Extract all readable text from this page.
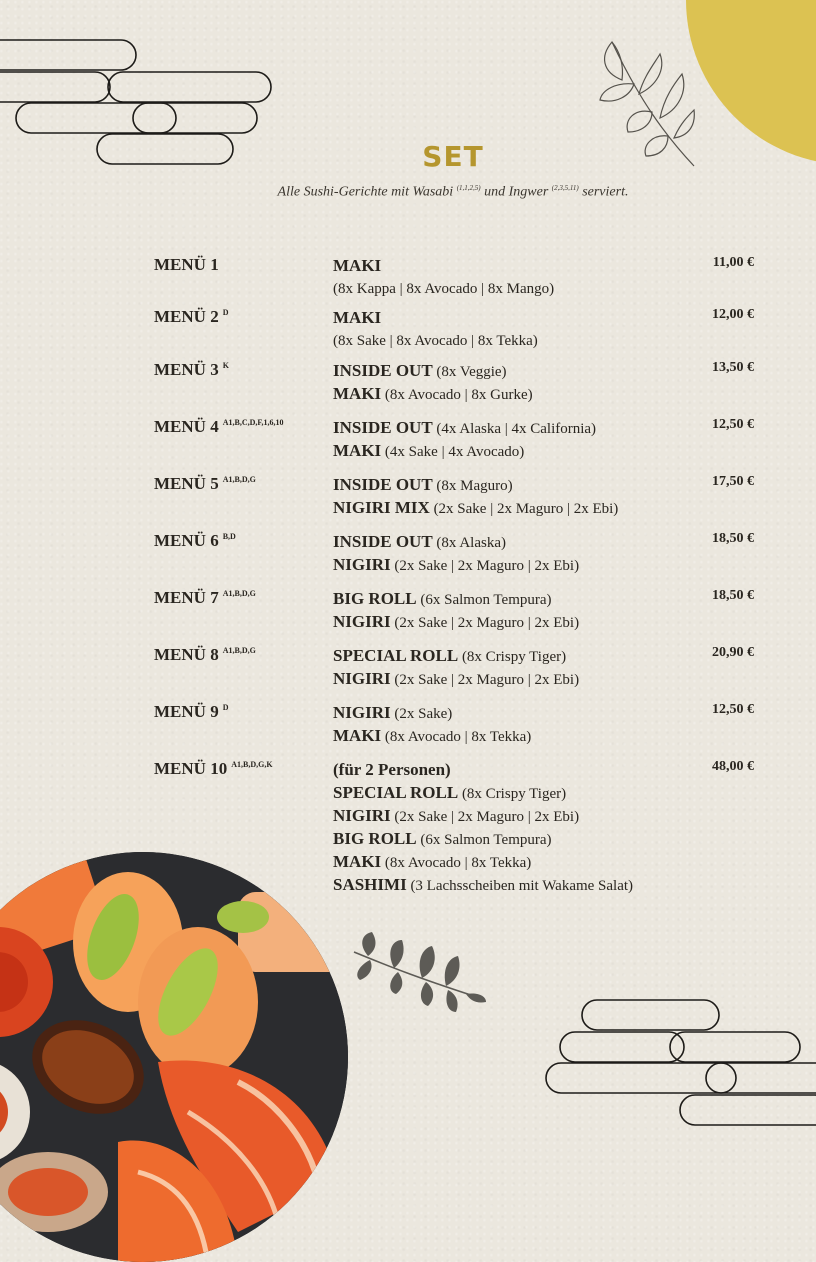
SET
Alle Sushi-Gerichte mit Wasabi $^{(1,1,2,5)}$ und Ingwer $^{(2,3,5,11)}$ serviert.
MENÜ 1	MAKI
(8x Kappa | 8x Avocado | 8x Mango)
11,00 €
MENÜ 2 $^D$	MAKI
(8x Sake | 8x Avocado | 8x Tekka)
12,00 €
MENÜ 3 $^K$	INSIDE OUT (8x Veggie)
MAKI (8x Avocado | 8x Gurke)
13,50 €
MENÜ 4 $^{A1,B,C,D,F,1,6,10}$	INSIDE OUT (4x Alaska | 4x California)
MAKI (4x Sake | 4x Avocado)
12,50 €
MENÜ 5 $^{A1,B,D,G}$	INSIDE OUT (8x Maguro)
NIGIRI MIX (2x Sake | 2x Maguro | 2x Ebi)
17,50 €
MENÜ 6 $^{B,D}$	INSIDE OUT (8x Alaska)
NIGIRI (2x Sake | 2x Maguro | 2x Ebi)
18,50 €
MENÜ 7 $^{A1,B,D,G}$	BIG ROLL (6x Salmon Tempura)
NIGIRI (2x Sake | 2x Maguro | 2x Ebi)
18,50 €
MENÜ 8 $^{A1,B,D,G}$	SPECIAL ROLL (8x Crispy Tiger)
NIGIRI (2x Sake | 2x Maguro | 2x Ebi)
20,90 €
MENÜ 9 $^D$	NIGIRI (2x Sake)
MAKI (8x Avocado | 8x Tekka)
12,50 €
MENÜ 10 $^{A1,B,D,G,K}$	(für 2 Personen)
SPECIAL ROLL (8x Crispy Tiger)
NIGIRI (2x Sake | 2x Maguro | 2x Ebi)
BIG ROLL (6x Salmon Tempura)
MAKI (8x Avocado | 8x Tekka)
SASHIMI (3 Lachsscheiben mit Wakame Salat)
48,00 €
